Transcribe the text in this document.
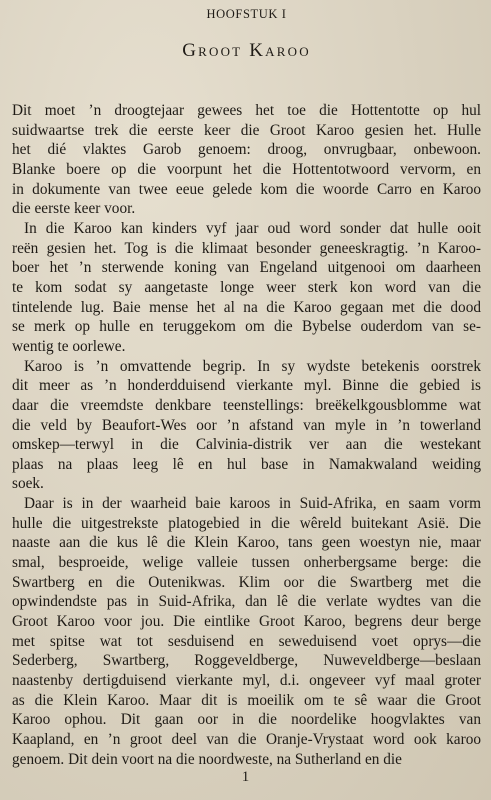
HOOFSTUK I
Groot Karoo
Dit moet ’n droogtejaar gewees het toe die Hottentotte op hul
suidwaartse trek die eerste keer die Groot Karoo gesien het. Hulle
het dié vlaktes Garob genoem: droog, onvrugbaar, onbewoon.
Blanke boere op die voorpunt het die Hottentotwoord vervorm, en
in dokumente van twee eeue gelede kom die woorde Carro en Karoo
die eerste keer voor.
In die Karoo kan kinders vyf jaar oud word sonder dat hulle ooit
reën gesien het. Tog is die klimaat besonder geneeskragtig. ’n Karoo-
boer het ’n sterwende koning van Engeland uitgenooi om daarheen
te kom sodat sy aangetaste longe weer sterk kon word van die
tintelende lug. Baie mense het al na die Karoo gegaan met die dood
se merk op hulle en teruggekom om die Bybelse ouderdom van se-
wentig te oorlewe.
Karoo is ’n omvattende begrip. In sy wydste betekenis oorstrek
dit meer as ’n honderdduisend vierkante myl. Binne die gebied is
daar die vreemdste denkbare teenstellings: breëkelkgousblomme wat
die veld by Beaufort-Wes oor ’n afstand van myle in ’n towerland
omskep—terwyl in die Calvinia-distrik ver aan die westekant
plaas na plaas leeg lê en hul base in Namakwaland weiding
soek.
Daar is in der waarheid baie karoos in Suid-Afrika, en saam vorm
hulle die uitgestrekste platogebied in die wêreld buitekant Asië. Die
naaste aan die kus lê die Klein Karoo, tans geen woestyn nie, maar
smal, besproeide, welige valleie tussen onherbergsame berge: die
Swartberg en die Outenikwas. Klim oor die Swartberg met die
opwindendste pas in Suid-Afrika, dan lê die verlate wydtes van die
Groot Karoo voor jou. Die eintlike Groot Karoo, begrens deur berge
met spitse wat tot sesduisend en seweduisend voet oprys—die
Sederberg, Swartberg, Roggeveldberge, Nuweveldberge—beslaan
naastenby dertigduisend vierkante myl, d.i. ongeveer vyf maal groter
as die Klein Karoo. Maar dit is moeilik om te sê waar die Groot
Karoo ophou. Dit gaan oor in die noordelike hoogvlaktes van
Kaapland, en ’n groot deel van die Oranje-Vrystaat word ook karoo
genoem. Dit dein voort na die noordweste, na Sutherland en die
1
